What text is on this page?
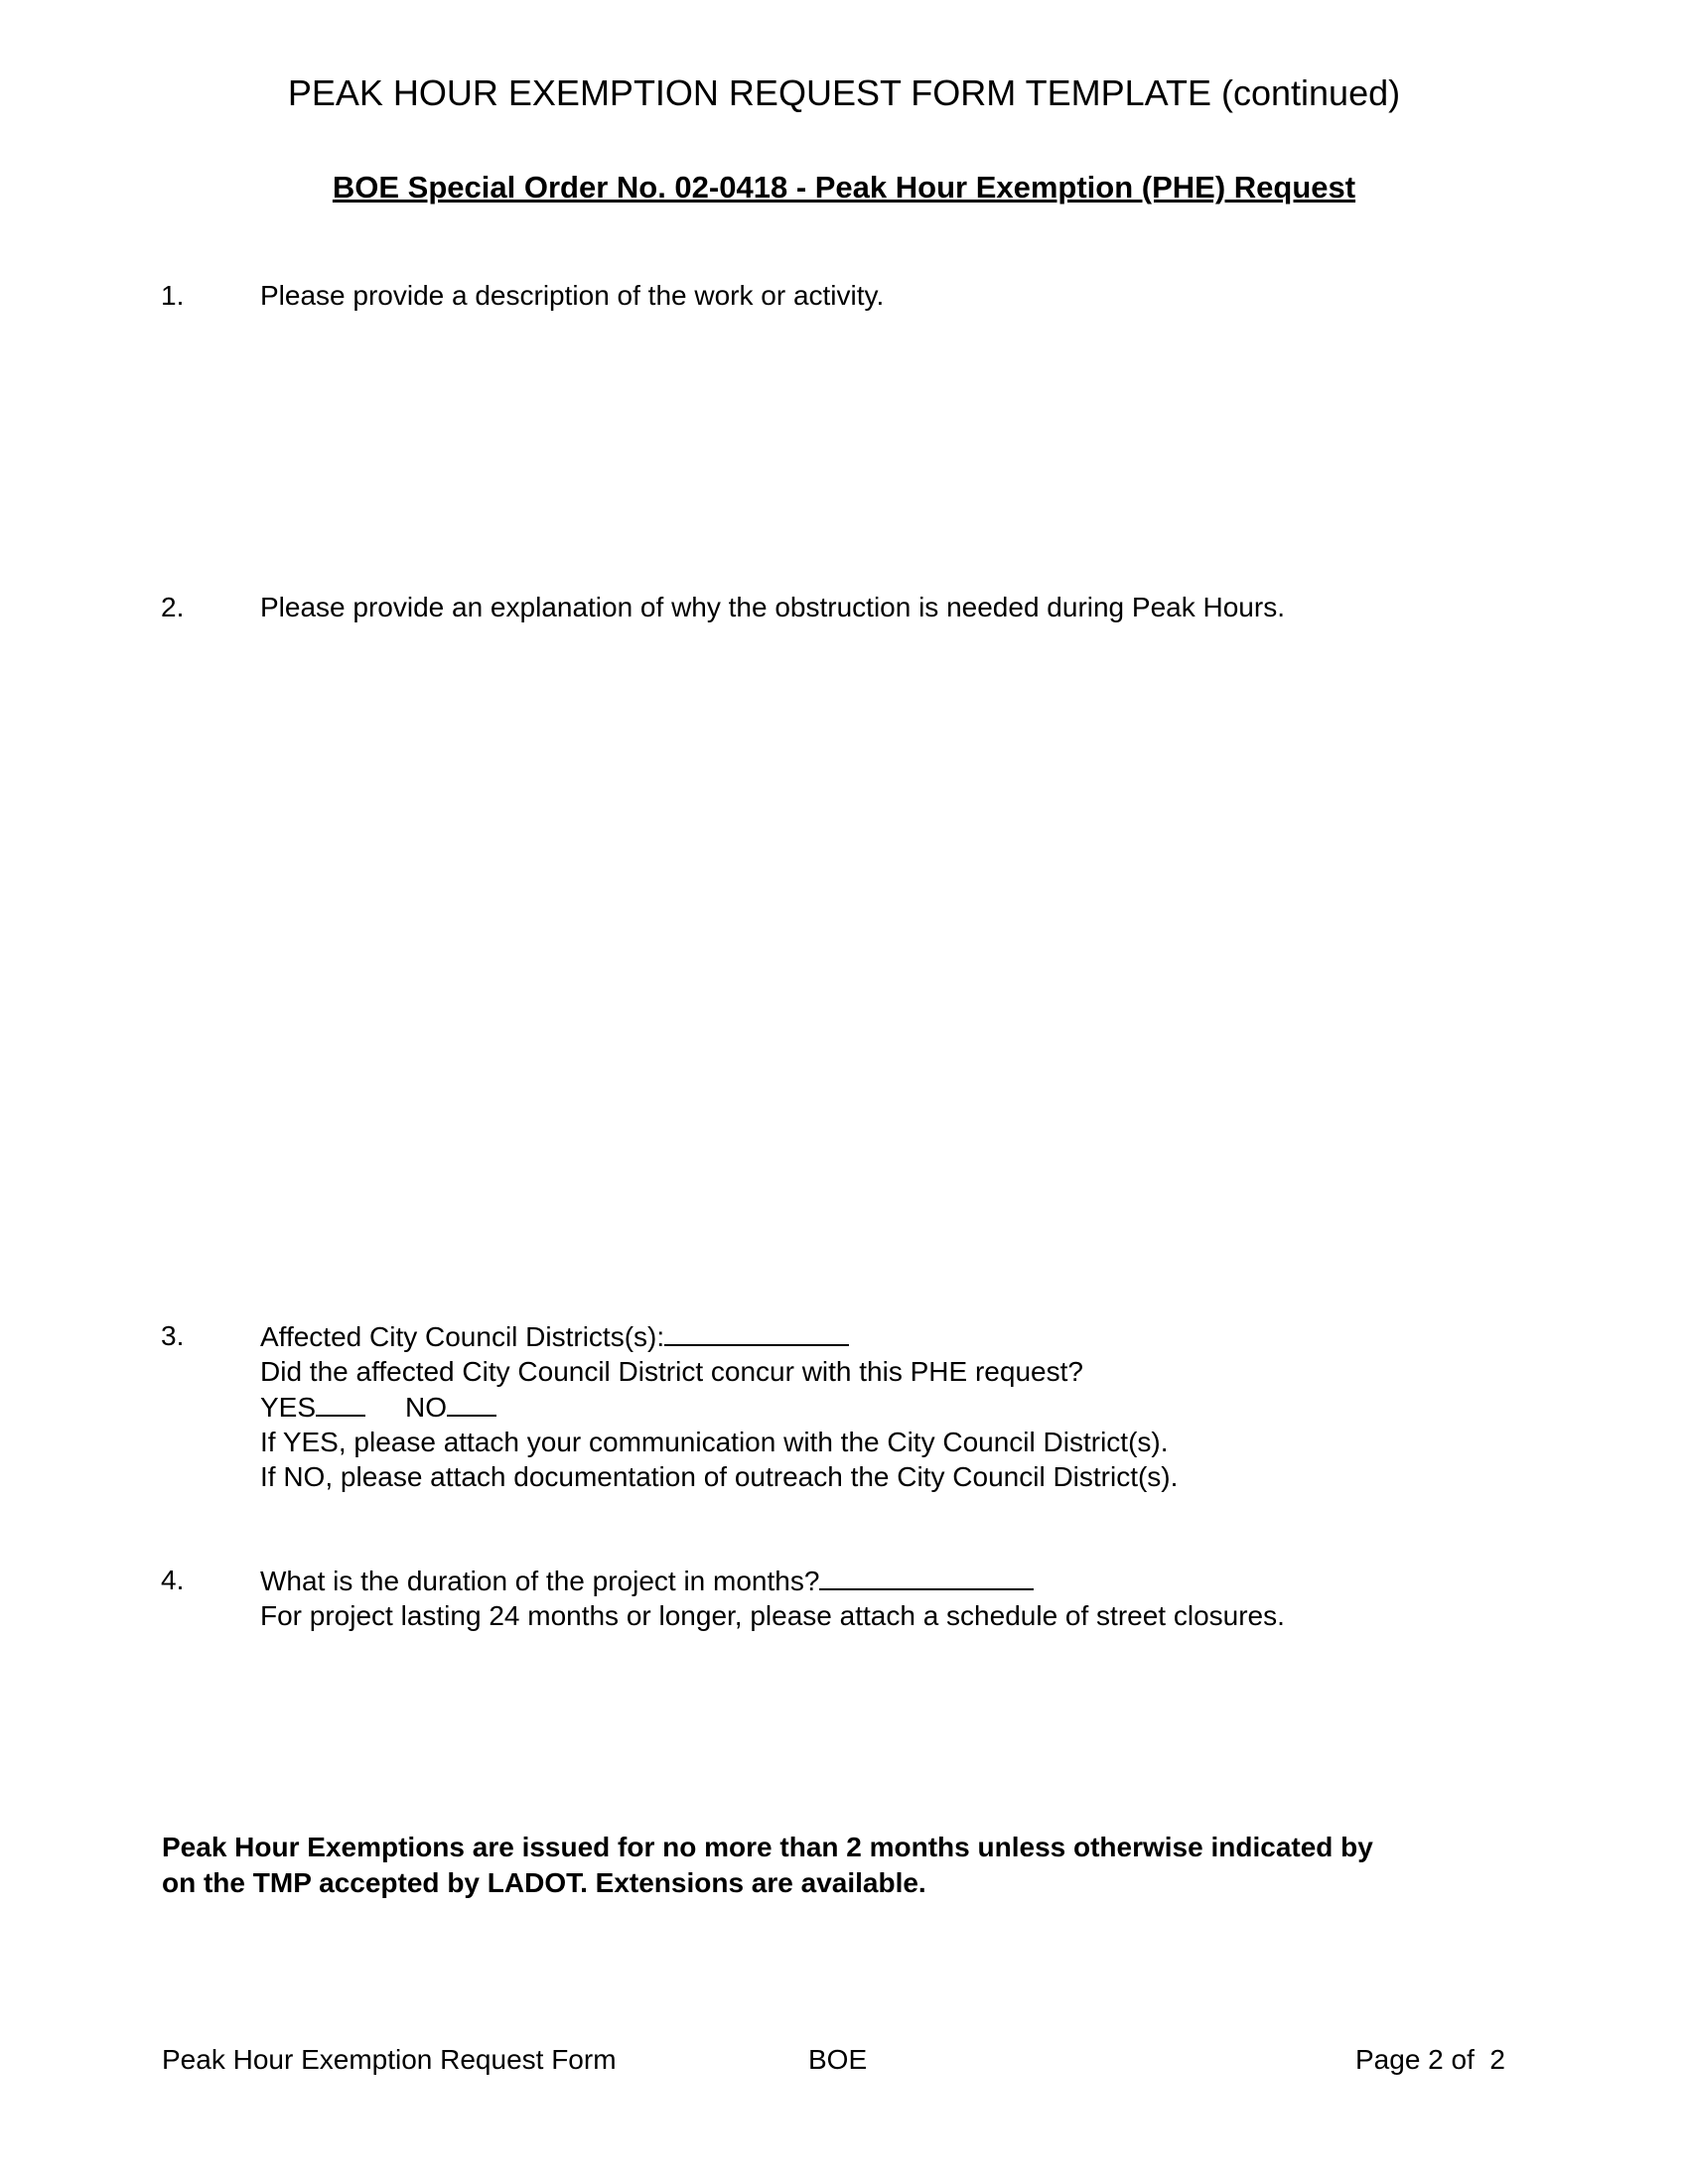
PEAK HOUR EXEMPTION REQUEST FORM TEMPLATE (continued)
BOE Special Order No. 02-0418 - Peak Hour Exemption (PHE) Request
1.	Please provide a description of the work or activity.
2.	Please provide an explanation of why the obstruction is needed during Peak Hours.
3.	Affected City Council Districts(s):
Did the affected City Council District concur with this PHE request?
YES	NO
If YES, please attach your communication with the City Council District(s).
If NO, please attach documentation of outreach the City Council District(s).
4.	What is the duration of the project in months?
For project lasting 24 months or longer, please attach a schedule of street closures.
Peak Hour Exemptions are issued for no more than 2 months unless otherwise indicated by
on the TMP accepted by LADOT. Extensions are available.
Peak Hour Exemption Request Form	BOE	Page 2 of  2
